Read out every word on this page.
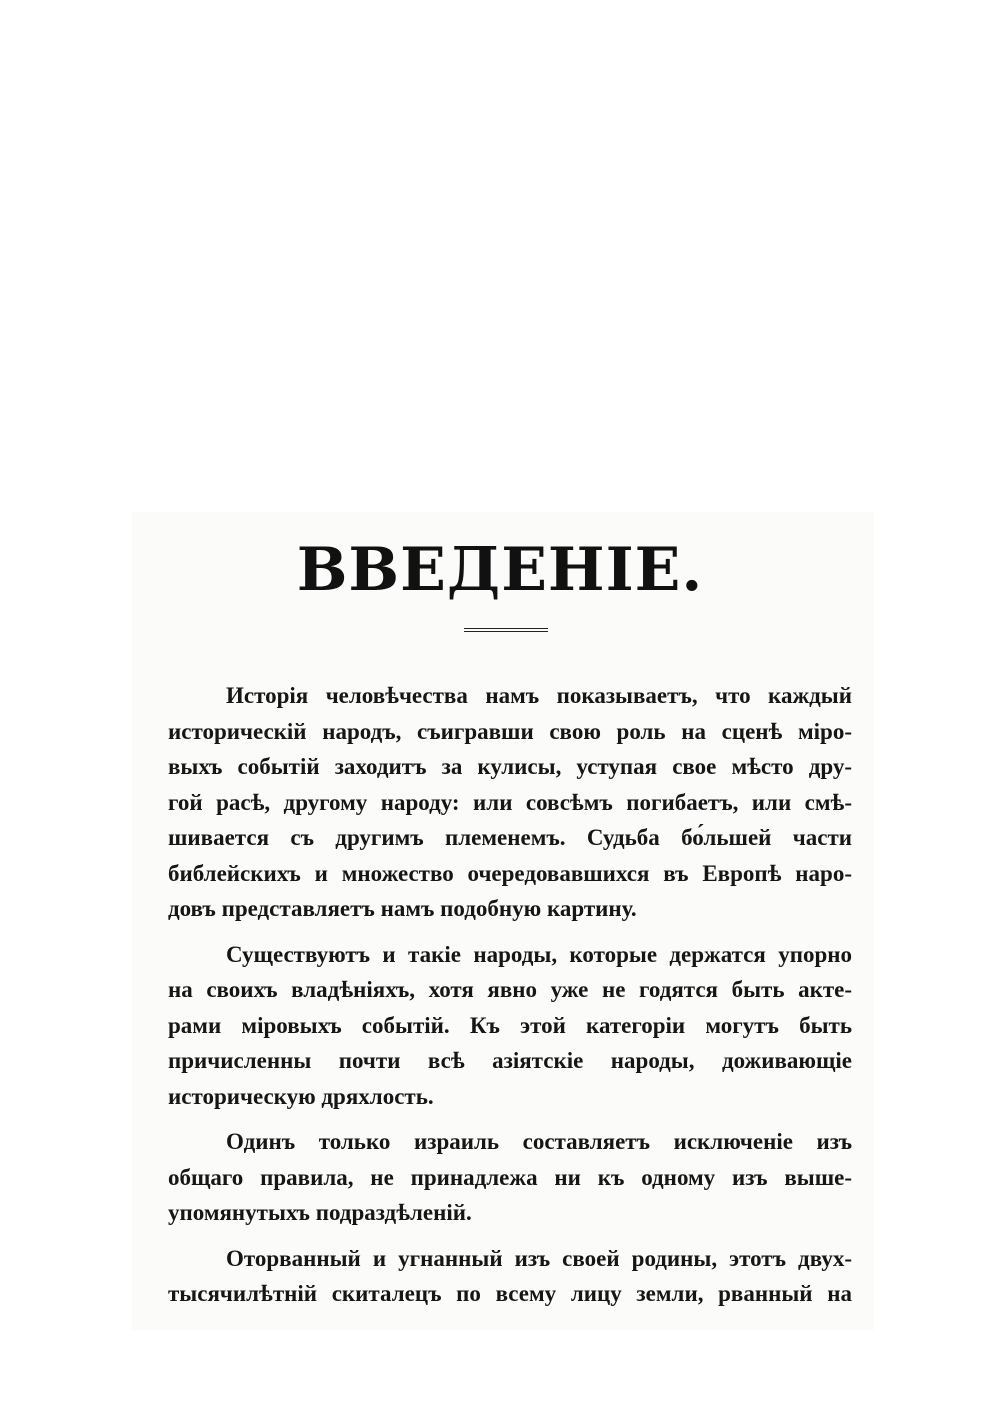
ВВЕДЕНІЕ.
Исторія человѣчества намъ показываетъ, что каждый
историческій народъ, съигравши свою роль на сценѣ міро-
выхъ событій заходитъ за кулисы, уступая свое мѣсто дру-
гой расѣ, другому народу: или совсѣмъ погибаетъ, или смѣ-
шивается съ другимъ племенемъ. Судьба бо́льшей части
библейскихъ и множество очередовавшихся въ Европѣ наро-
довъ представляетъ намъ подобную картину.
Существуютъ и такіе народы, которые держатся упорно
на своихъ владѣніяхъ, хотя явно уже не годятся быть акте-
рами міровыхъ событій. Къ этой категоріи могутъ быть
причисленны почти всѣ азіятскіе народы, доживающіе
историческую дряхлость.
Одинъ только израиль составляетъ исключеніе изъ
общаго правила, не принадлежа ни къ одному изъ выше-
упомянутыхъ подраздѣленій.
Оторванный и угнанный изъ своей родины, этотъ двух-
тысячилѣтній скиталецъ по всему лицу земли, рванный на
